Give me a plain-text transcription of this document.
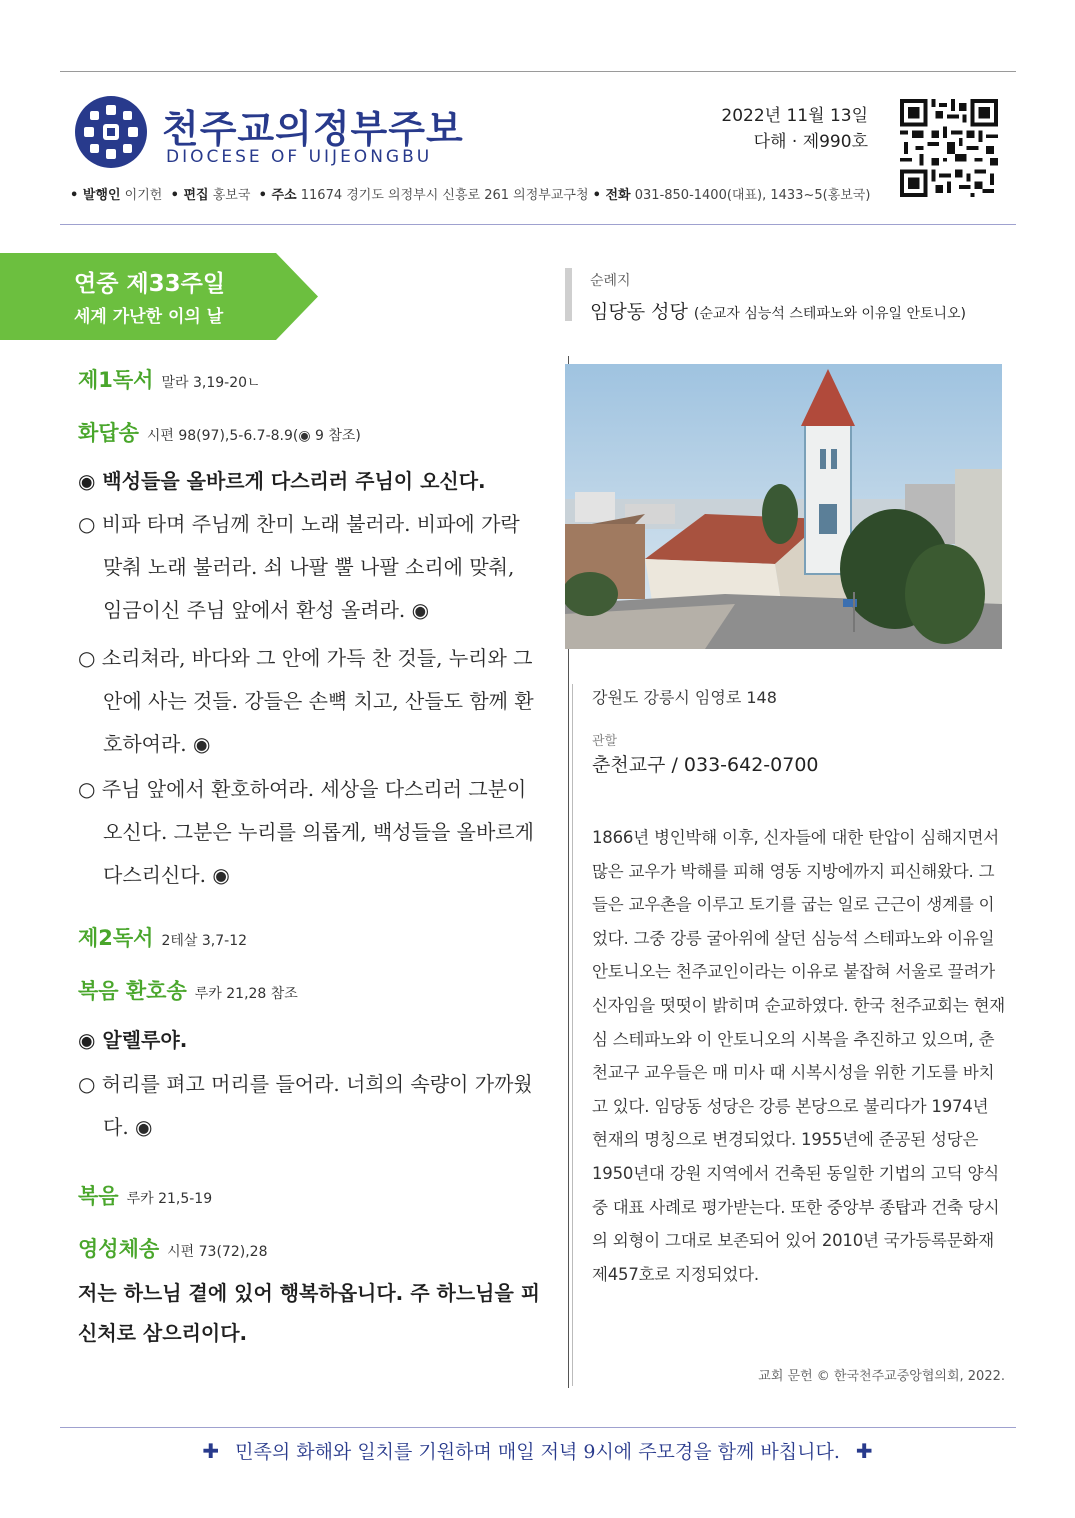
천주교의정부주보
DIOCESE OF UIJEONGBU
2022년 11월 13일
다해 · 제990호
• 발행인 이기헌 • 편집 홍보국 • 주소 11674 경기도 의정부시 신흥로 261 의정부교구청 • 전화 031-850-1400(대표), 1433~5(홍보국)
연중 제33주일
세계 가난한 이의 날
제1독서 말라 3,19-20ㄴ
화답송 시편 98(97),5-6.7-8.9(◉ 9 참조)
◉ 백성들을 올바르게 다스리러 주님이 오신다.
○ 비파 타며 주님께 찬미 노래 불러라. 비파에 가락 맞춰 노래 불러라. 쇠 나팔 뿔 나팔 소리에 맞춰, 임금이신 주님 앞에서 환성 올려라. ◉
○ 소리쳐라, 바다와 그 안에 가득 찬 것들, 누리와 그 안에 사는 것들. 강들은 손뼉 치고, 산들도 함께 환호하여라. ◉
○ 주님 앞에서 환호하여라. 세상을 다스리러 그분이 오신다. 그분은 누리를 의롭게, 백성들을 올바르게 다스리신다. ◉
제2독서 2테살 3,7-12
복음 환호송 루카 21,28 참조
◉ 알렐루야.
○ 허리를 펴고 머리를 들어라. 너희의 속량이 가까웠다. ◉
복음 루카 21,5-19
영성체송 시편 73(72),28
저는 하느님 곁에 있어 행복하옵니다. 주 하느님을 피신처로 삼으리이다.
순례지
임당동 성당 (순교자 심능석 스테파노와 이유일 안토니오)
강원도 강릉시 임영로 148
관할
춘천교구 / 033-642-0700
1866년 병인박해 이후, 신자들에 대한 탄압이 심해지면서 많은 교우가 박해를 피해 영동 지방에까지 피신해왔다. 그들은 교우촌을 이루고 토기를 굽는 일로 근근이 생계를 이었다. 그중 강릉 굴아위에 살던 심능석 스테파노와 이유일 안토니오는 천주교인이라는 이유로 붙잡혀 서울로 끌려가 신자임을 떳떳이 밝히며 순교하였다. 한국 천주교회는 현재 심 스테파노와 이 안토니오의 시복을 추진하고 있으며, 춘천교구 교우들은 매 미사 때 시복시성을 위한 기도를 바치고 있다. 임당동 성당은 강릉 본당으로 불리다가 1974년 현재의 명칭으로 변경되었다. 1955년에 준공된 성당은 1950년대 강원 지역에서 건축된 동일한 기법의 고딕 양식 중 대표 사례로 평가받는다. 또한 중앙부 종탑과 건축 당시의 외형이 그대로 보존되어 있어 2010년 국가등록문화재 제457호로 지정되었다.
교회 문헌 © 한국천주교중앙협의회, 2022.
✚ 민족의 화해와 일치를 기원하며 매일 저녁 9시에 주모경을 함께 바칩니다. ✚
